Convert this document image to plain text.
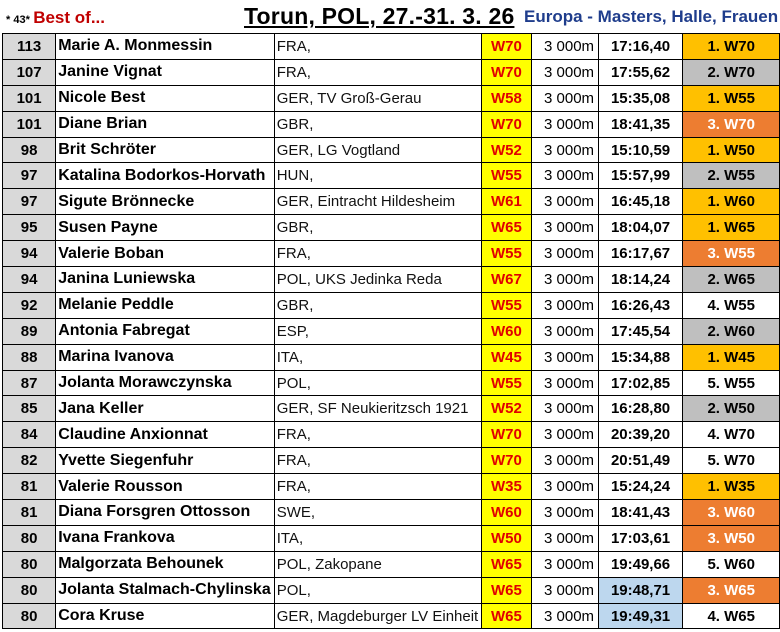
* 43* Best of...	Torun, POL, 27.-31. 3. 26 Europa - Masters, Halle, Frauen
113	Marie A. Monmessin	FRA,	W70		3 000m	17:16,40	1. W70
107	Janine Vignat	FRA,	W70		3 000m	17:55,62	2. W70
101	Nicole Best	GER, TV Groß-Gerau	W58		3 000m	15:35,08	1. W55
101	Diane Brian	GBR,	W70		3 000m	18:41,35	3. W70
98	Brit Schröter	GER, LG Vogtland	W52		3 000m	15:10,59	1. W50
97	Katalina Bodorkos-Horvath	HUN,	W55		3 000m	15:57,99	2. W55
97	Sigute Brönnecke	GER, Eintracht Hildesheim	W61		3 000m	16:45,18	1. W60
95	Susen Payne	GBR,	W65		3 000m	18:04,07	1. W65
94	Valerie Boban	FRA,	W55		3 000m	16:17,67	3. W55
94	Janina Luniewska	POL, UKS Jedinka Reda	W67		3 000m	18:14,24	2. W65
92	Melanie Peddle	GBR,	W55		3 000m	16:26,43	4. W55
89	Antonia Fabregat	ESP,	W60		3 000m	17:45,54	2. W60
88	Marina Ivanova	ITA,	W45		3 000m	15:34,88	1. W45
87	Jolanta Morawczynska	POL,	W55		3 000m	17:02,85	5. W55
85	Jana Keller	GER, SF Neukieritzsch 1921	W52		3 000m	16:28,80	2. W50
84	Claudine Anxionnat	FRA,	W70		3 000m	20:39,20	4. W70
82	Yvette Siegenfuhr	FRA,	W70		3 000m	20:51,49	5. W70
81	Valerie Rousson	FRA,	W35		3 000m	15:24,24	1. W35
81	Diana Forsgren Ottosson	SWE,	W60		3 000m	18:41,43	3. W60
80	Ivana Frankova	ITA,	W50		3 000m	17:03,61	3. W50
80	Malgorzata Behounek	POL, Zakopane	W65		3 000m	19:49,66	5. W60
80	Jolanta Stalmach-Chylinska	POL,	W65		3 000m	19:48,71	3. W65
80	Cora Kruse	GER, Magdeburger LV Einheit	W65		3 000m	19:49,31	4. W65
